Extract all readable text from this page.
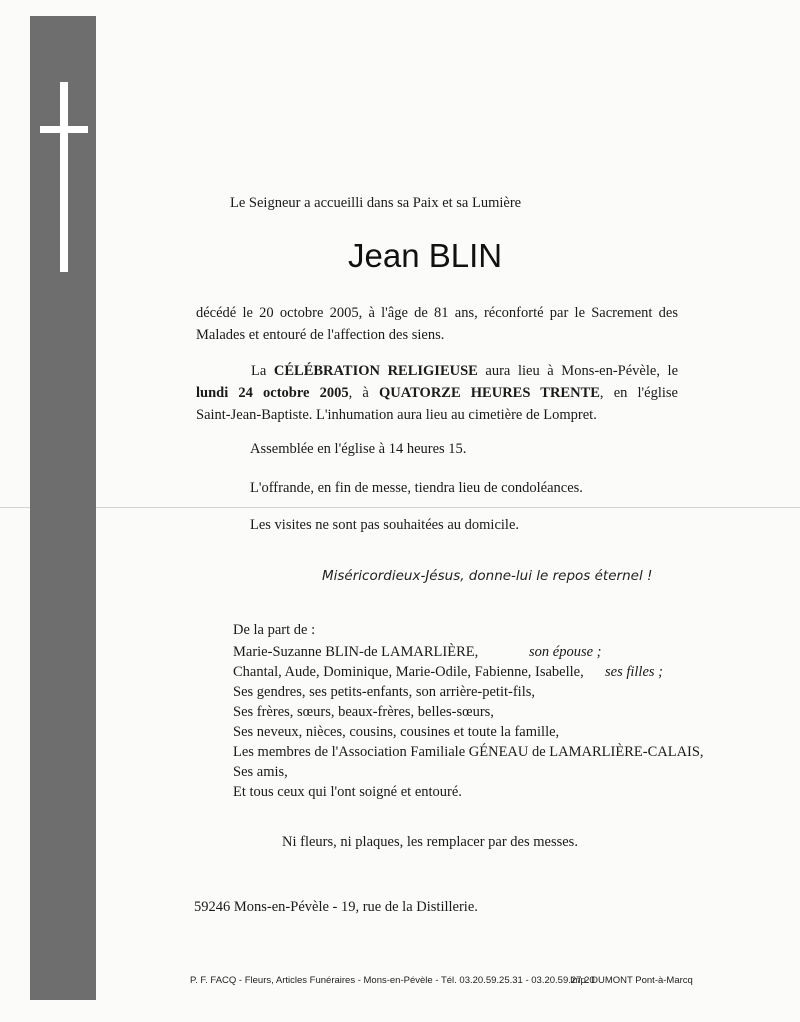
Le Seigneur a accueilli dans sa Paix et sa Lumière
Jean BLIN
décédé le 20 octobre 2005, à l'âge de 81 ans, réconforté par le Sacrement des
Malades et entouré de l'affection des siens.
La CÉLÉBRATION RELIGIEUSE aura lieu à Mons-en-Pévèle, le
lundi 24 octobre 2005, à QUATORZE HEURES TRENTE, en l'église
Saint-Jean-Baptiste. L'inhumation aura lieu au cimetière de Lompret.
Assemblée en l'église à 14 heures 15.
L'offrande, en fin de messe, tiendra lieu de condoléances.
Les visites ne sont pas souhaitées au domicile.
Miséricordieux-Jésus, donne-lui le repos éternel !
De la part de :
Marie-Suzanne BLIN-de LAMARLIÈRE,	son épouse ;
Chantal, Aude, Dominique, Marie-Odile, Fabienne, Isabelle, ses filles ;
Ses gendres, ses petits-enfants, son arrière-petit-fils,
Ses frères, sœurs, beaux-frères, belles-sœurs,
Ses neveux, nièces, cousins, cousines et toute la famille,
Les membres de l'Association Familiale GÉNEAU de LAMARLIÈRE-CALAIS,
Ses amis,
Et tous ceux qui l'ont soigné et entouré.
Ni fleurs, ni plaques, les remplacer par des messes.
59246 Mons-en-Pévèle - 19, rue de la Distillerie.
P. F. FACQ - Fleurs, Articles Funéraires - Mons-en-Pévèle - Tél. 03.20.59.25.31 - 03.20.59.27.20
Imp. DUMONT Pont-à-Marcq
